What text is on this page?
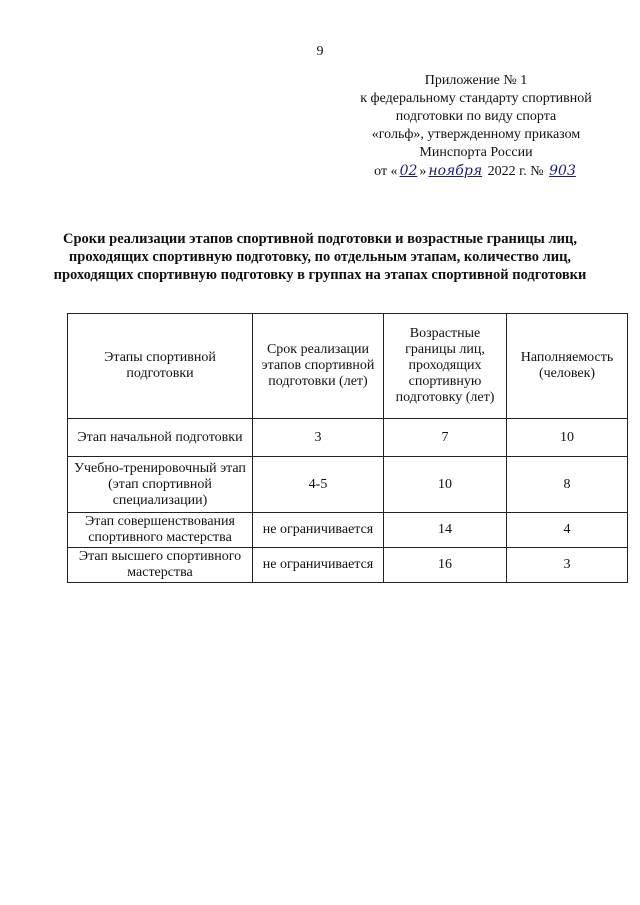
9
Приложение № 1
к федеральному стандарту спортивной
подготовки по виду спорта
«гольф», утвержденному приказом
Минспорта России
от « 02 » ноября 2022 г. № 903
Сроки реализации этапов спортивной подготовки и возрастные границы лиц, проходящих спортивную подготовку, по отдельным этапам, количество лиц, проходящих спортивную подготовку в группах на этапах спортивной подготовки
Этапы спортивной подготовки	Срок реализации этапов спортивной подготовки (лет)	Возрастные границы лиц, проходящих спортивную подготовку (лет)	Наполняемость (человек)
Этап начальной подготовки	3	7	10
Учебно-тренировочный этап (этап спортивной специализации)	4-5	10	8
Этап совершенствования спортивного мастерства	не ограничивается	14	4
Этап высшего спортивного мастерства	не ограничивается	16	3
